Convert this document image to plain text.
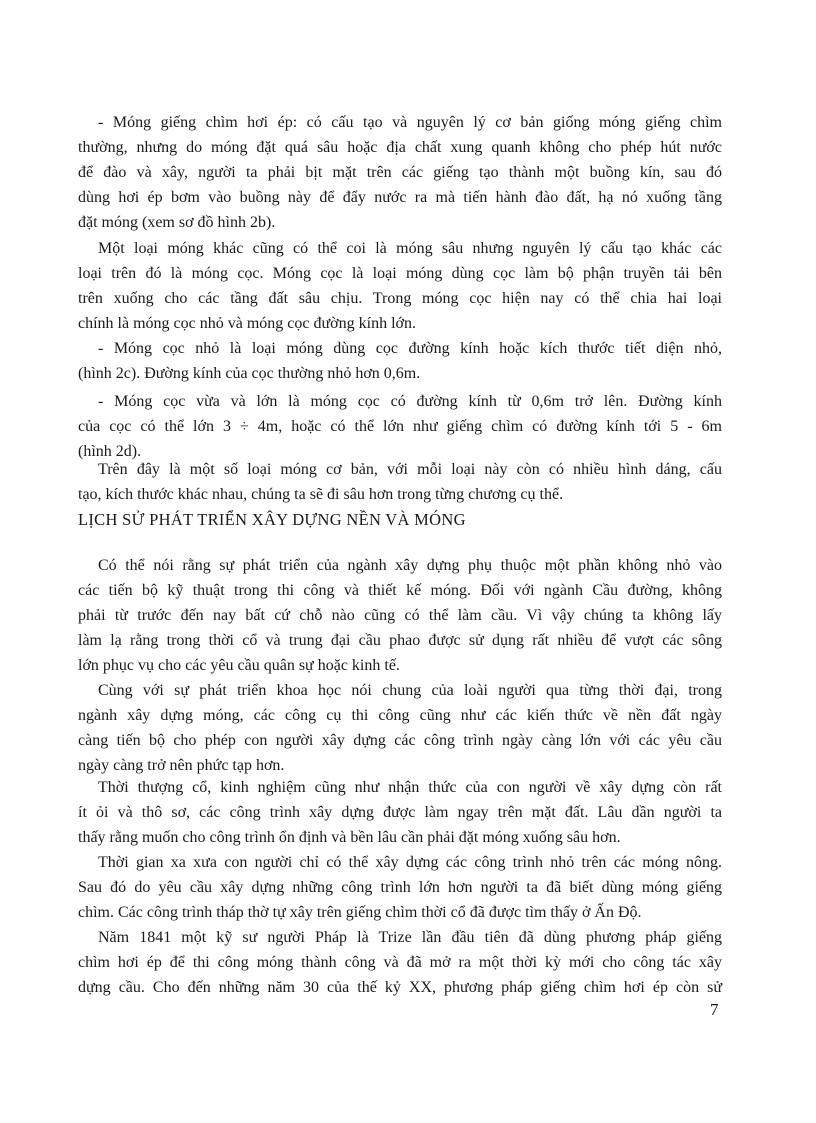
- Móng giếng chìm hơi ép: có cấu tạo và nguyên lý cơ bản giống móng giếng chìm
thường, nhưng do móng đặt quá sâu hoặc địa chất xung quanh không cho phép hút nước
để đào và xây, người ta phải bịt mặt trên các giếng tạo thành một buồng kín, sau đó
dùng hơi ép bơm vào buồng này để đẩy nước ra mà tiến hành đào đất, hạ nó xuống tầng
đặt móng (xem sơ đồ hình 2b).
Một loại móng khác cũng có thể coi là móng sâu nhưng nguyên lý cấu tạo khác các
loại trên đó là móng cọc. Móng cọc là loại móng dùng cọc làm bộ phận truyền tải bên
trên xuống cho các tầng đất sâu chịu. Trong móng cọc hiện nay có thể chia hai loại
chính là móng cọc nhỏ và móng cọc đường kính lớn.
- Móng cọc nhỏ là loại móng dùng cọc đường kính hoặc kích thước tiết diện nhỏ,
(hình 2c). Đường kính của cọc thường nhỏ hơn 0,6m.
- Móng cọc vừa và lớn là móng cọc có đường kính từ 0,6m trở lên. Đường kính
của cọc có thể lớn 3 ÷ 4m, hoặc có thể lớn như giếng chìm có đường kính tới 5 - 6m
(hình 2d).
Trên đây là một số loại móng cơ bản, với mỗi loại này còn có nhiều hình dáng, cấu
tạo, kích thước khác nhau, chúng ta sẽ đi sâu hơn trong từng chương cụ thể.
LỊCH SỬ PHÁT TRIỂN XÂY DỰNG NỀN VÀ MÓNG
Có thể nói rằng sự phát triển của ngành xây dựng phụ thuộc một phần không nhỏ vào
các tiến bộ kỹ thuật trong thi công và thiết kế móng. Đối với ngành Cầu đường, không
phải từ trước đến nay bất cứ chỗ nào cũng có thể làm cầu. Vì vậy chúng ta không lấy
làm lạ rằng trong thời cổ và trung đại cầu phao được sử dụng rất nhiều để vượt các sông
lớn phục vụ cho các yêu cầu quân sự hoặc kinh tế.
Cùng với sự phát triển khoa học nói chung của loài người qua từng thời đại, trong
ngành xây dựng móng, các công cụ thi công cũng như các kiến thức về nền đất ngày
càng tiến bộ cho phép con người xây dựng các công trình ngày càng lớn với các yêu cầu
ngày càng trở nên phức tạp hơn.
Thời thượng cổ, kinh nghiệm cũng như nhận thức của con người về xây dựng còn rất
ít ỏi và thô sơ, các công trình xây dựng được làm ngay trên mặt đất. Lâu dần người ta
thấy rằng muốn cho công trình ổn định và bền lâu cần phải đặt móng xuống sâu hơn.
Thời gian xa xưa con người chỉ có thể xây dựng các công trình nhỏ trên các móng nông.
Sau đó do yêu cầu xây dựng những công trình lớn hơn người ta đã biết dùng móng giếng
chìm. Các công trình tháp thờ tự xây trên giếng chìm thời cổ đã được tìm thấy ở Ấn Độ.
Năm 1841 một kỹ sư người Pháp là Trize lần đầu tiên đã dùng phương pháp giếng
chìm hơi ép để thi công móng thành công và đã mở ra một thời kỳ mới cho công tác xây
dựng cầu. Cho đến những năm 30 của thế kỷ XX, phương pháp giếng chìm hơi ép còn sử
7
